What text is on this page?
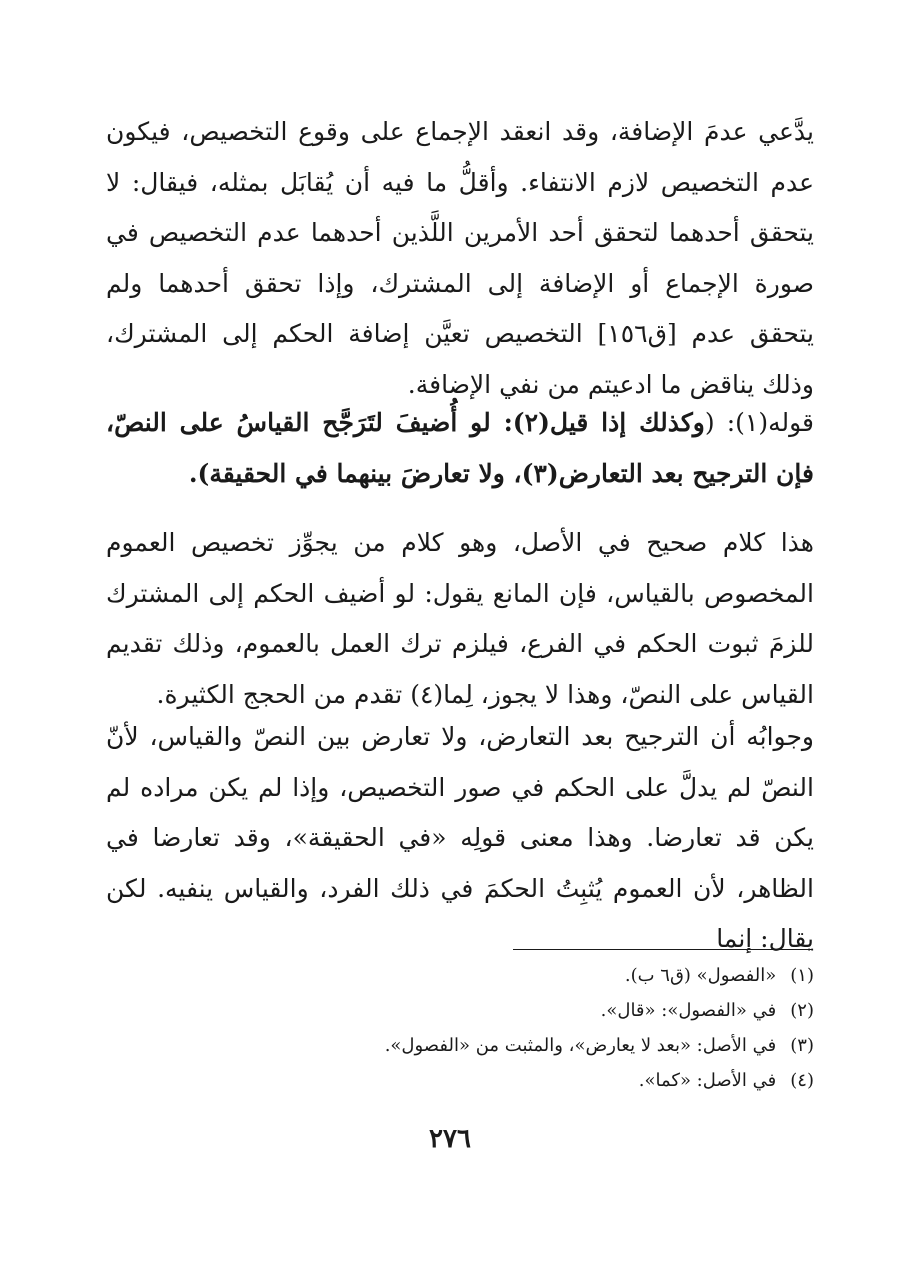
يدَّعي عدمَ الإضافة، وقد انعقد الإجماع على وقوع التخصيص، فيكون عدم التخصيص لازم الانتفاء. وأقلُّ ما فيه أن يُقابَل بمثله، فيقال: لا يتحقق أحدهما لتحقق أحد الأمرين اللَّذين أحدهما عدم التخصيص في صورة الإجماع أو الإضافة إلى المشترك، وإذا تحقق أحدهما ولم يتحقق عدم [ق١٥٦] التخصيص تعيَّن إضافة الحكم إلى المشترك، وذلك يناقض ما ادعيتم من نفي الإضافة.
قوله(١): (وكذلك إذا قيل(٢): لو أُضيفَ لتَرَجَّح القياسُ على النصّ، فإن الترجيح بعد التعارض(٣)، ولا تعارضَ بينهما في الحقيقة).
هذا كلام صحيح في الأصل، وهو كلام من يجوِّز تخصيص العموم المخصوص بالقياس، فإن المانع يقول: لو أضيف الحكم إلى المشترك للزمَ ثبوت الحكم في الفرع، فيلزم ترك العمل بالعموم، وذلك تقديم القياس على النصّ، وهذا لا يجوز، لِما(٤) تقدم من الحجج الكثيرة.
وجوابُه أن الترجيح بعد التعارض، ولا تعارض بين النصّ والقياس، لأنّ النصّ لم يدلَّ على الحكم في صور التخصيص، وإذا لم يكن مراده لم يكن قد تعارضا. وهذا معنى قولِه «في الحقيقة»، وقد تعارضا في الظاهر، لأن العموم يُثبِتُ الحكمَ في ذلك الفرد، والقياس ينفيه. لكن يقال: إنما
(١)«الفصول» (ق٦ ب).
(٢)في «الفصول»: «قال».
(٣)في الأصل: «بعد لا يعارض»، والمثبت من «الفصول».
(٤)في الأصل: «كما».
٢٧٦
